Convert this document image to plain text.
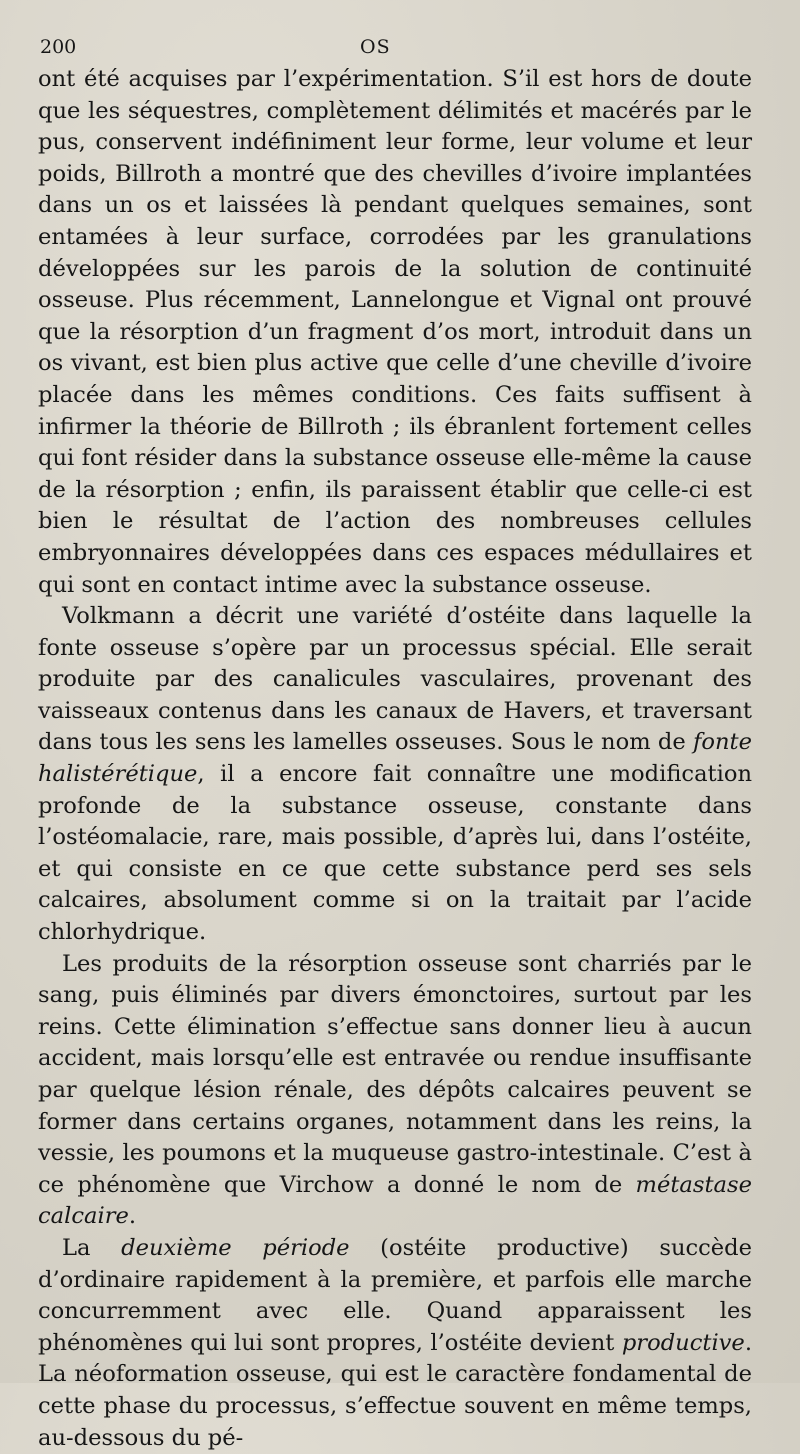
200	OS

ont été acquises par l’expérimentation. S’il est hors de doute que les séquestres, complètement délimités et macérés par le pus, conservent indéfiniment leur forme, leur volume et leur poids, Billroth a montré que des chevilles d’ivoire implantées dans un os et laissées là pendant quelques semaines, sont entamées à leur surface, corrodées par les granulations développées sur les parois de la solution de continuité osseuse. Plus récemment, Lannelongue et Vignal ont prouvé que la résorption d’un fragment d’os mort, introduit dans un os vivant, est bien plus active que celle d’une cheville d’ivoire placée dans les mêmes conditions. Ces faits suffisent à infirmer la théorie de Billroth ; ils ébranlent fortement celles qui font résider dans la substance osseuse elle-même la cause de la résorption ; enfin, ils paraissent établir que celle-ci est bien le résultat de l’action des nombreuses cellules embryonnaires développées dans ces espaces médullaires et qui sont en contact intime avec la substance osseuse.

Volkmann a décrit une variété d’ostéite dans laquelle la fonte osseuse s’opère par un processus spécial. Elle serait produite par des canalicules vasculaires, provenant des vaisseaux contenus dans les canaux de Havers, et traversant dans tous les sens les lamelles osseuses. Sous le nom de fonte halistérétique, il a encore fait connaître une modification profonde de la substance osseuse, constante dans l’ostéomalacie, rare, mais possible, d’après lui, dans l’ostéite, et qui consiste en ce que cette substance perd ses sels calcaires, absolument comme si on la traitait par l’acide chlorhydrique.

Les produits de la résorption osseuse sont charriés par le sang, puis éliminés par divers émonctoires, surtout par les reins. Cette élimination s’effectue sans donner lieu à aucun accident, mais lorsqu’elle est entravée ou rendue insuffisante par quelque lésion rénale, des dépôts calcaires peuvent se former dans certains organes, notamment dans les reins, la vessie, les poumons et la muqueuse gastro-intestinale. C’est à ce phénomène que Virchow a donné le nom de métastase calcaire.

La deuxième période (ostéite productive) succède d’ordinaire rapidement à la première, et parfois elle marche concurremment avec elle. Quand apparaissent les phénomènes qui lui sont propres, l’ostéite devient productive. La néoformation osseuse, qui est le caractère fondamental de cette phase du processus, s’effectue souvent en même temps, au-dessous du pé-
